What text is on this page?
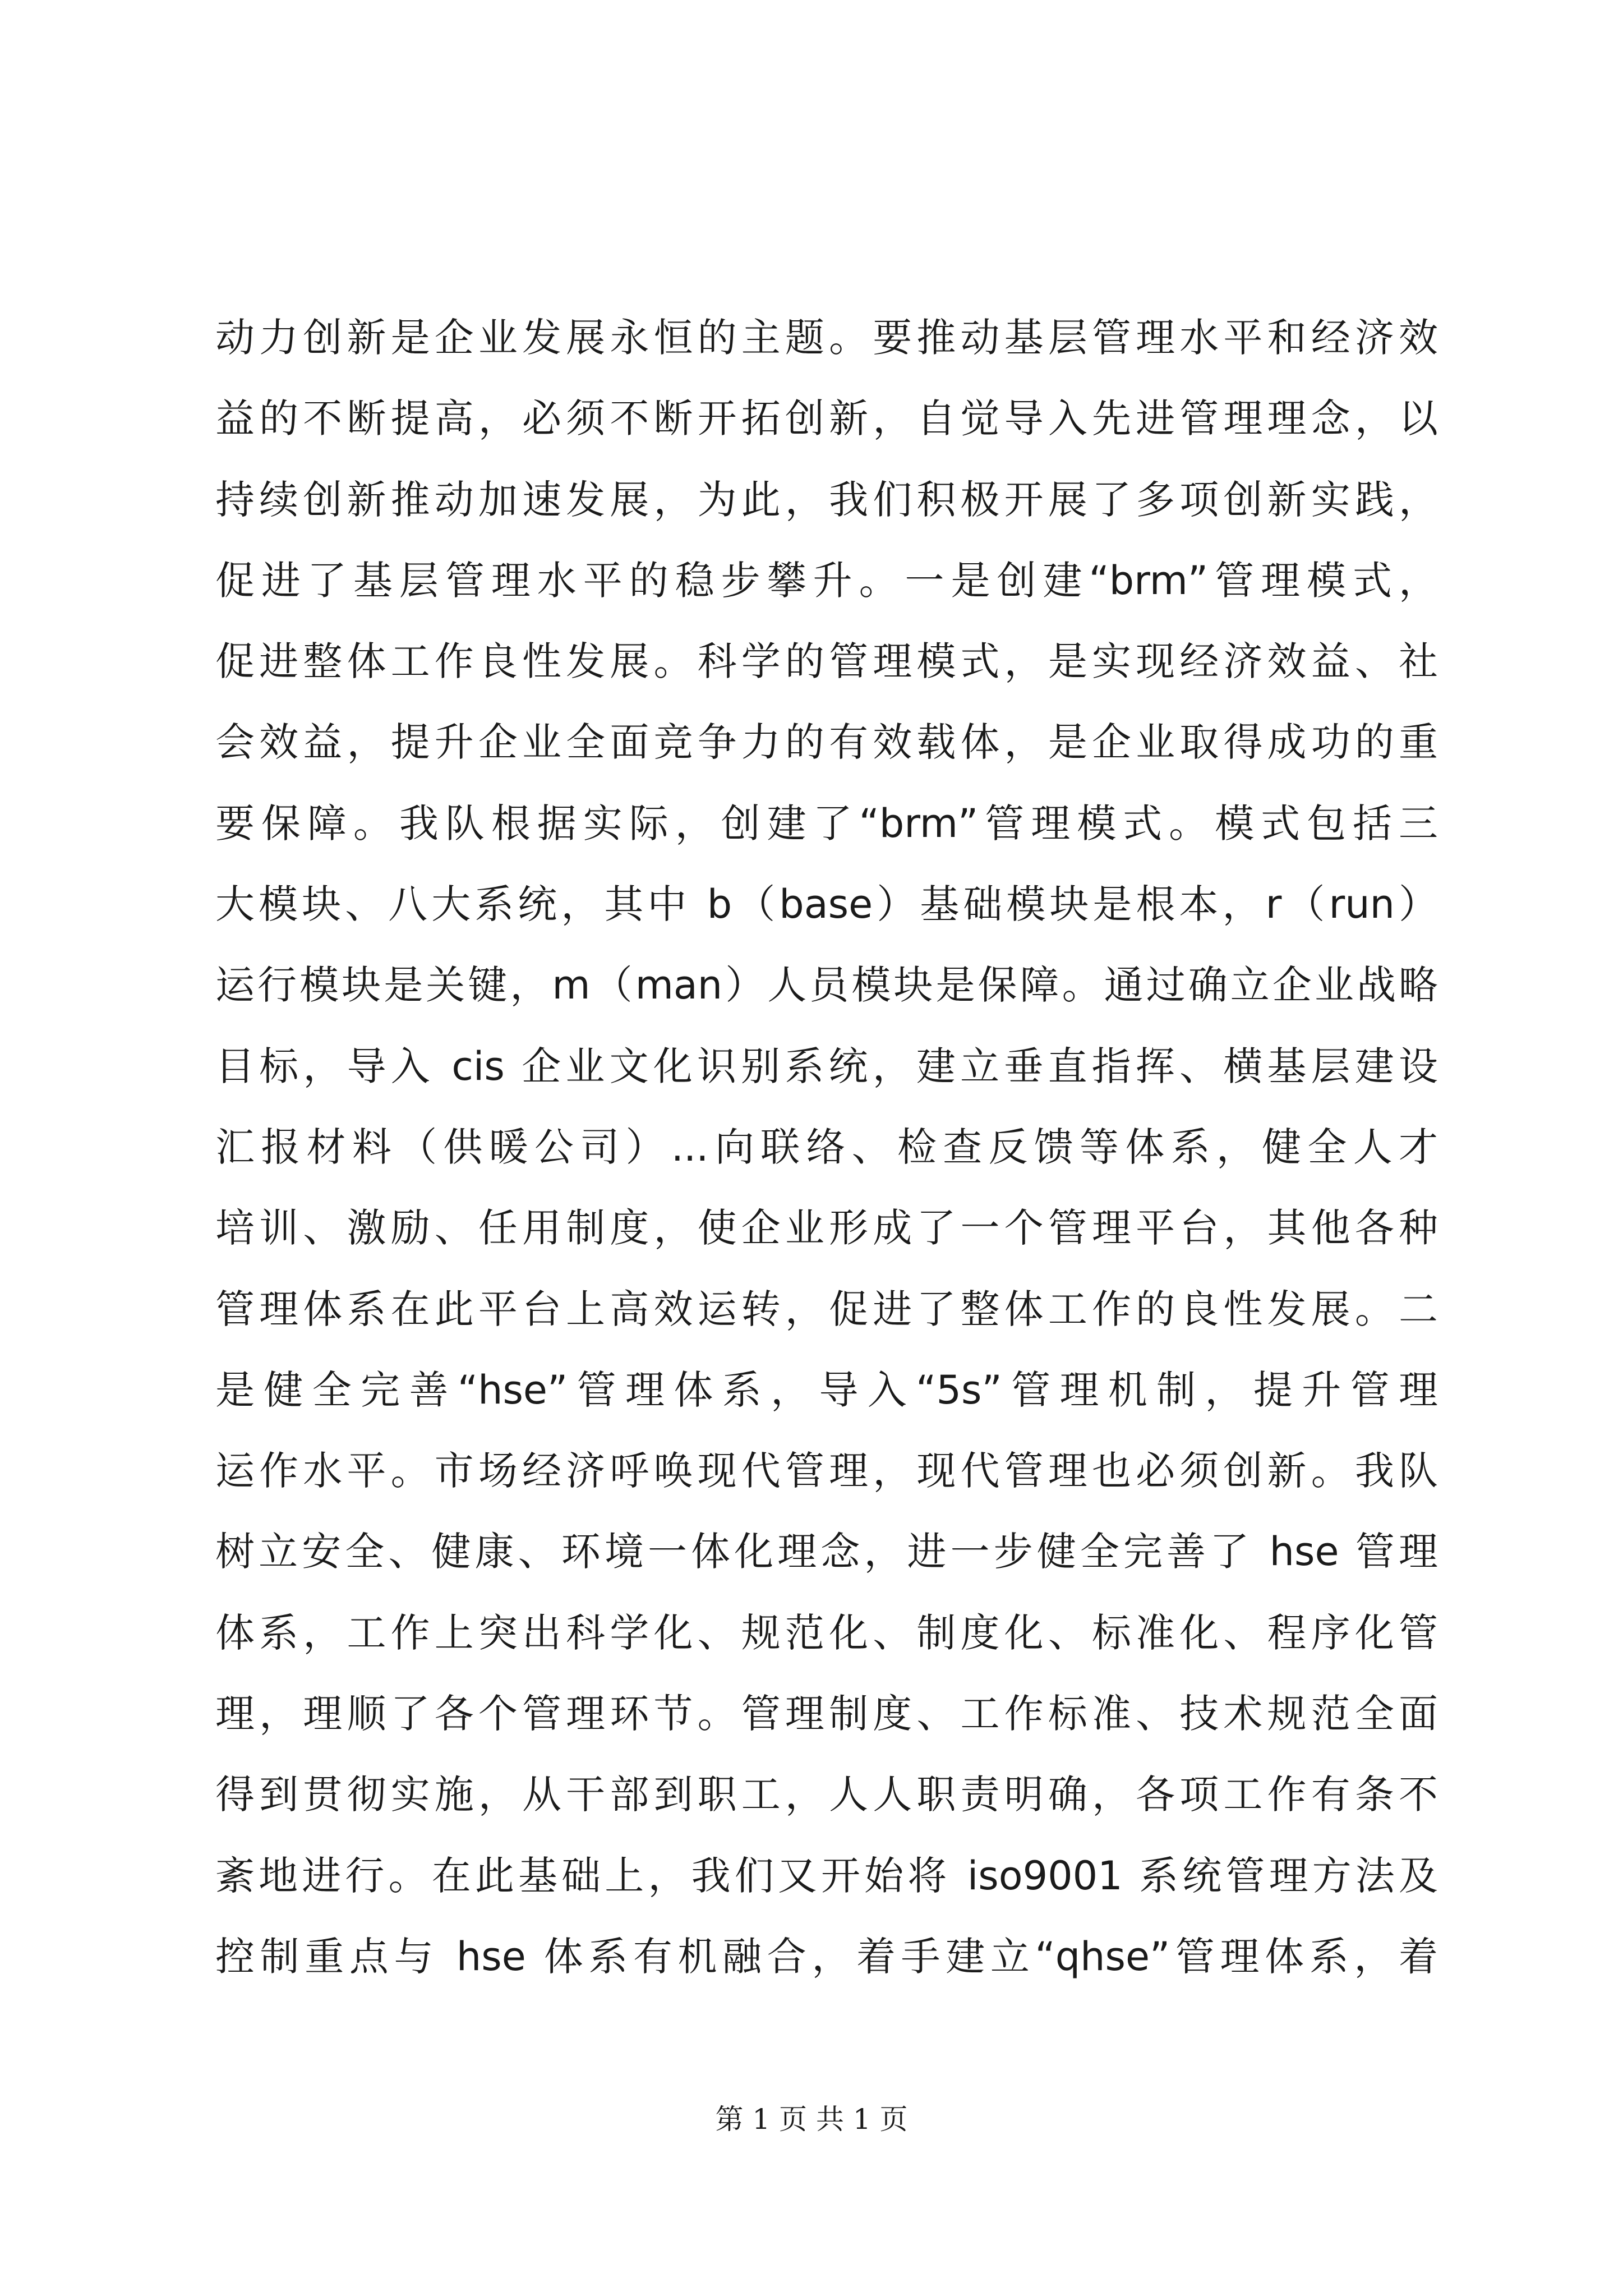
动力创新是企业发展永恒的主题。要推动基层管理水平和经济效
益的不断提高，必须不断开拓创新，自觉导入先进管理理念，以
持续创新推动加速发展，为此，我们积极开展了多项创新实践，
促进了基层管理水平的稳步攀升。一是创建“brm”管理模式，
促进整体工作良性发展。科学的管理模式，是实现经济效益、社
会效益，提升企业全面竞争力的有效载体，是企业取得成功的重
要保障。我队根据实际，创建了“brm”管理模式。模式包括三
大模块、八大系统，其中 b（base）基础模块是根本，r（run）
运行模块是关键，m（man）人员模块是保障。通过确立企业战略
目标，导入 cis 企业文化识别系统，建立垂直指挥、横基层建设
汇报材料（供暖公司）...向联络、检查反馈等体系，健全人才
培训、激励、任用制度，使企业形成了一个管理平台，其他各种
管理体系在此平台上高效运转，促进了整体工作的良性发展。二
是健全完善“hse”管理体系，导入“5s”管理机制，提升管理
运作水平。市场经济呼唤现代管理，现代管理也必须创新。我队
树立安全、健康、环境一体化理念，进一步健全完善了 hse 管理
体系，工作上突出科学化、规范化、制度化、标准化、程序化管
理，理顺了各个管理环节。管理制度、工作标准、技术规范全面
得到贯彻实施，从干部到职工，人人职责明确，各项工作有条不
紊地进行。在此基础上，我们又开始将 iso9001 系统管理方法及
控制重点与 hse 体系有机融合，着手建立“qhse”管理体系，着
第 1 页 共 1 页
